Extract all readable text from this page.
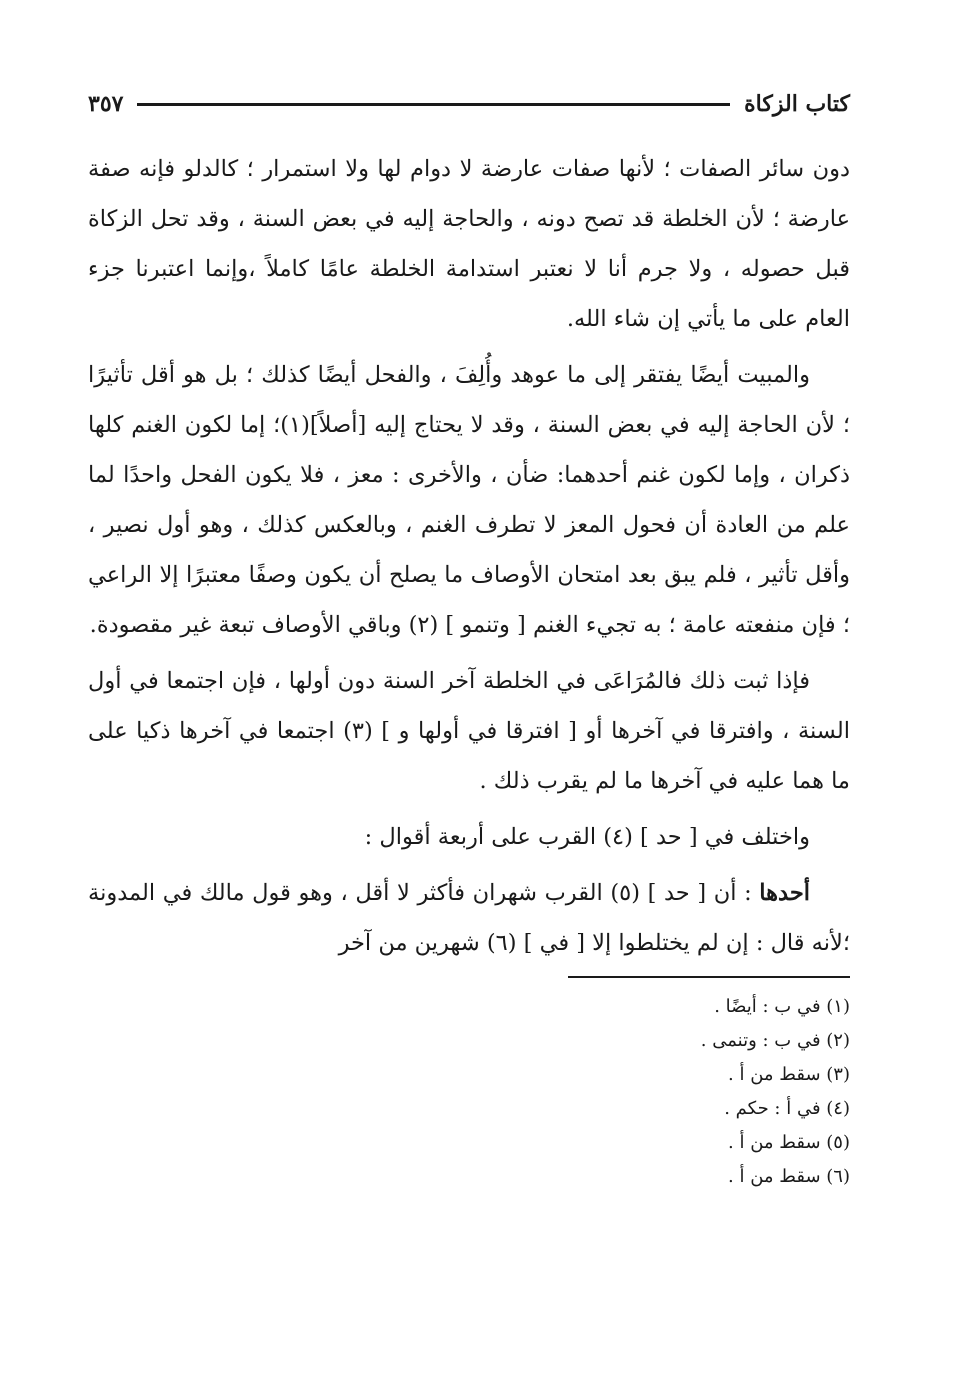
كتاب الزكاة
٣٥٧

دون سائر الصفات ؛ لأنها صفات عارضة لا دوام لها ولا استمرار ؛ كالدلو فإنه صفة عارضة ؛ لأن الخلطة قد تصح دونه ، والحاجة إليه في بعض السنة ، وقد تحل الزكاة قبل حصوله ، ولا جرم أنا لا نعتبر استدامة الخلطة عامًا كاملاً ،وإنما اعتبرنا جزء العام على ما يأتي إن شاء الله.

والمبيت أيضًا يفتقر إلى ما عوهد وأُلِفَ ، والفحل أيضًا كذلك ؛ بل هو أقل تأثيرًا ؛ لأن الحاجة إليه في بعض السنة ، وقد لا يحتاج إليه [أصلاً](١)؛ إما لكون الغنم كلها ذكران ، وإما لكون غنم أحدهما: ضأن ، والأخرى : معز ، فلا يكون الفحل واحدًا لما علم من العادة أن فحول المعز لا تطرف الغنم ، وبالعكس كذلك ، وهو أول نصير ، وأقل تأثير ، فلم يبق بعد امتحان الأوصاف ما يصلح أن يكون وصفًا معتبرًا إلا الراعي ؛ فإن منفعته عامة ؛ به تجيء الغنم [ وتنمو ] (٢) وباقي الأوصاف تبعة غير مقصودة.

فإذا ثبت ذلك فالمُرَاعَى في الخلطة آخر السنة دون أولها ، فإن اجتمعا في أول السنة ، وافترقا في آخرها أو [ افترقا في أولها و ] (٣) اجتمعا في آخرها ذكيا على ما هما عليه في آخرها ما لم يقرب ذلك .

واختلف في [ حد ] (٤) القرب على أربعة أقوال :

أحدها : أن [ حد ] (٥) القرب شهران فأكثر لا أقل ، وهو قول مالك في المدونة ؛لأنه قال : إن لم يختلطوا إلا [ في ] (٦) شهرين من آخر

(١) في ب : أيضًا .
(٢) في ب : وتنمى .
(٣) سقط من أ .
(٤) في أ : حكم .
(٥) سقط من أ .
(٦) سقط من أ .
